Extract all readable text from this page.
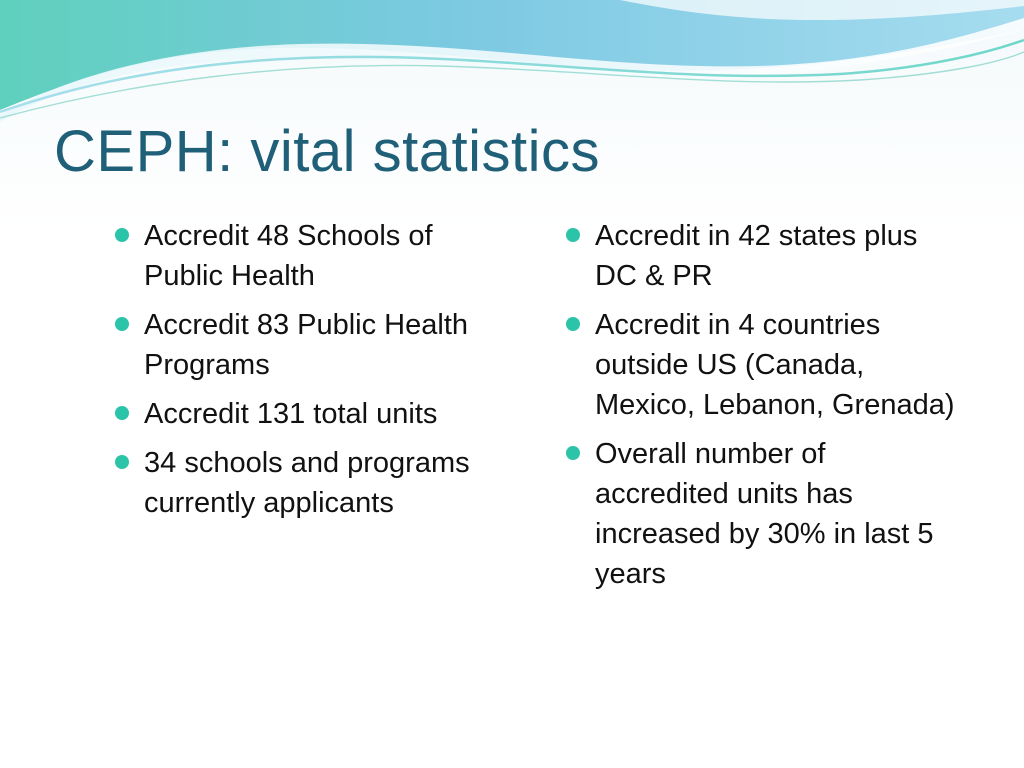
CEPH: vital statistics
Accredit 48 Schools of Public Health
Accredit 83 Public Health Programs
Accredit 131 total units
34 schools and programs currently applicants
Accredit in 42 states plus DC & PR
Accredit in 4 countries outside US (Canada, Mexico, Lebanon, Grenada)
Overall number of accredited units has increased by 30% in last 5 years
